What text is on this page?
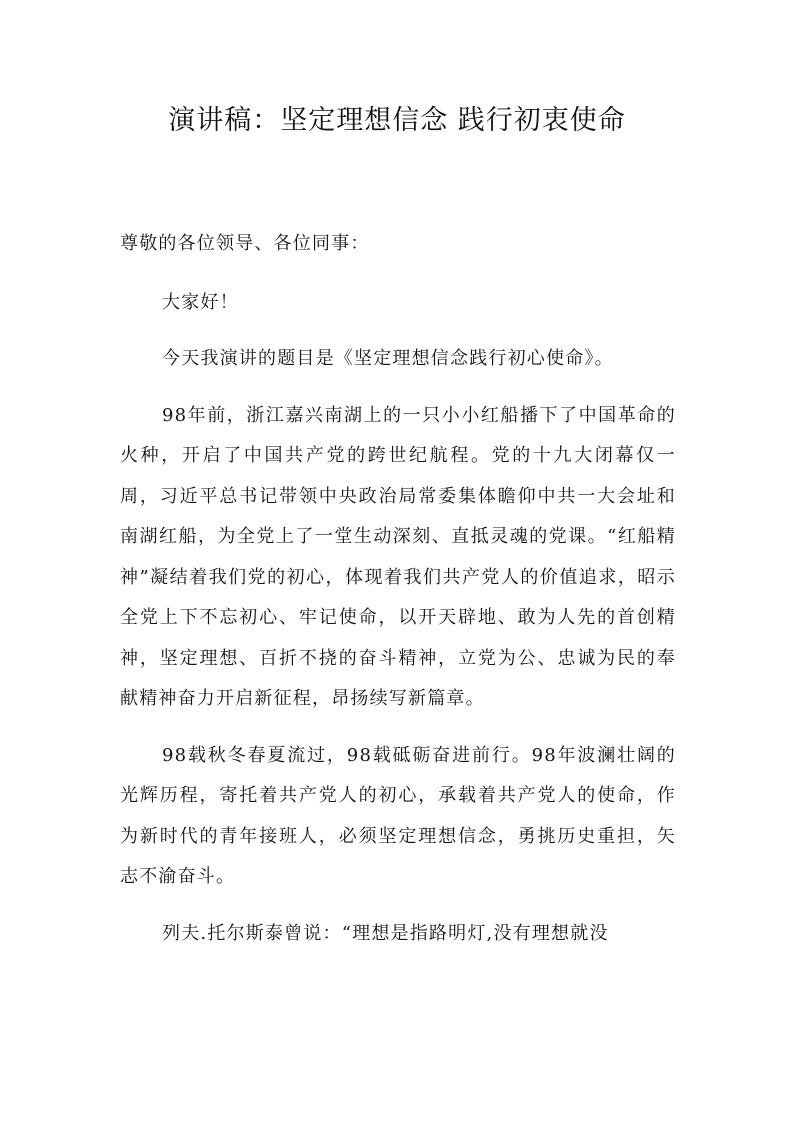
演讲稿：坚定理想信念 践行初衷使命

尊敬的各位领导、各位同事：

大家好！

今天我演讲的题目是《坚定理想信念践行初心使命》。

98年前，浙江嘉兴南湖上的一只小小红船播下了中国革命的火种，开启了中国共产党的跨世纪航程。党的十九大闭幕仅一周，习近平总书记带领中央政治局常委集体瞻仰中共一大会址和南湖红船，为全党上了一堂生动深刻、直抵灵魂的党课。“红船精神”凝结着我们党的初心，体现着我们共产党人的价值追求，昭示全党上下不忘初心、牢记使命，以开天辟地、敢为人先的首创精神，坚定理想、百折不挠的奋斗精神，立党为公、忠诚为民的奉献精神奋力开启新征程，昂扬续写新篇章。

98载秋冬春夏流过，98载砥砺奋进前行。98年波澜壮阔的光辉历程，寄托着共产党人的初心，承载着共产党人的使命，作为新时代的青年接班人，必须坚定理想信念，勇挑历史重担，矢志不渝奋斗。

列夫.托尔斯泰曾说：“理想是指路明灯,没有理想就没
